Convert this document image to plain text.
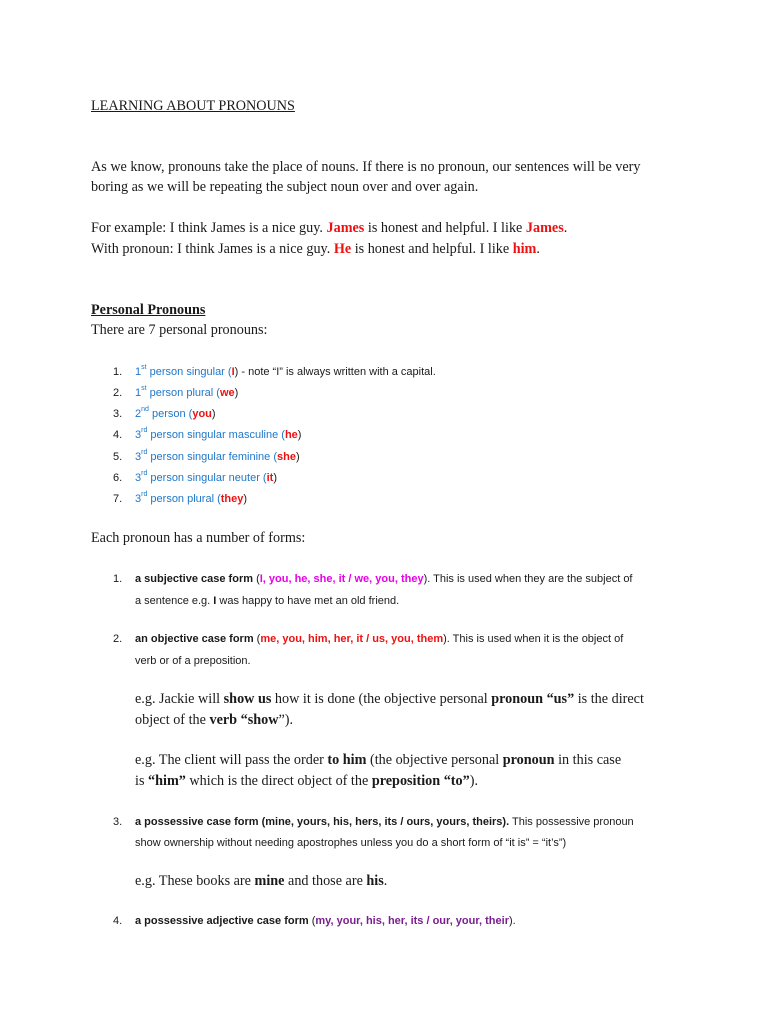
LEARNING ABOUT PRONOUNS
As we know, pronouns take the place of nouns. If there is no pronoun, our sentences will be very
boring as we will be repeating the subject noun over and over again.
For example: I think James is a nice guy. James is honest and helpful. I like James.
With pronoun: I think James is a nice guy. He is honest and helpful. I like him.
Personal Pronouns
There are 7 personal pronouns:
1. 1st person singular (I) - note “I” is always written with a capital.
2. 1st person plural (we)
3. 2nd person (you)
4. 3rd person singular masculine (he)
5. 3rd person singular feminine (she)
6. 3rd person singular neuter (it)
7. 3rd person plural (they)
Each pronoun has a number of forms:
1. a subjective case form (I, you, he, she, it / we, you, they). This is used when they are the subject of
a sentence e.g. I was happy to have met an old friend.
2. an objective case form (me, you, him, her, it / us, you, them). This is used when it is the object of
verb or of a preposition.
e.g. Jackie will show us how it is done (the objective personal pronoun “us” is the direct
object of the verb “show”).
e.g. The client will pass the order to him (the objective personal pronoun in this case
is “him” which is the direct object of the preposition “to”).
3. a possessive case form (mine, yours, his, hers, its / ours, yours, theirs). This possessive pronoun
show ownership without needing apostrophes unless you do a short form of “it is” = “it’s”)
e.g. These books are mine and those are his.
4. a possessive adjective case form (my, your, his, her, its / our, your, their).
